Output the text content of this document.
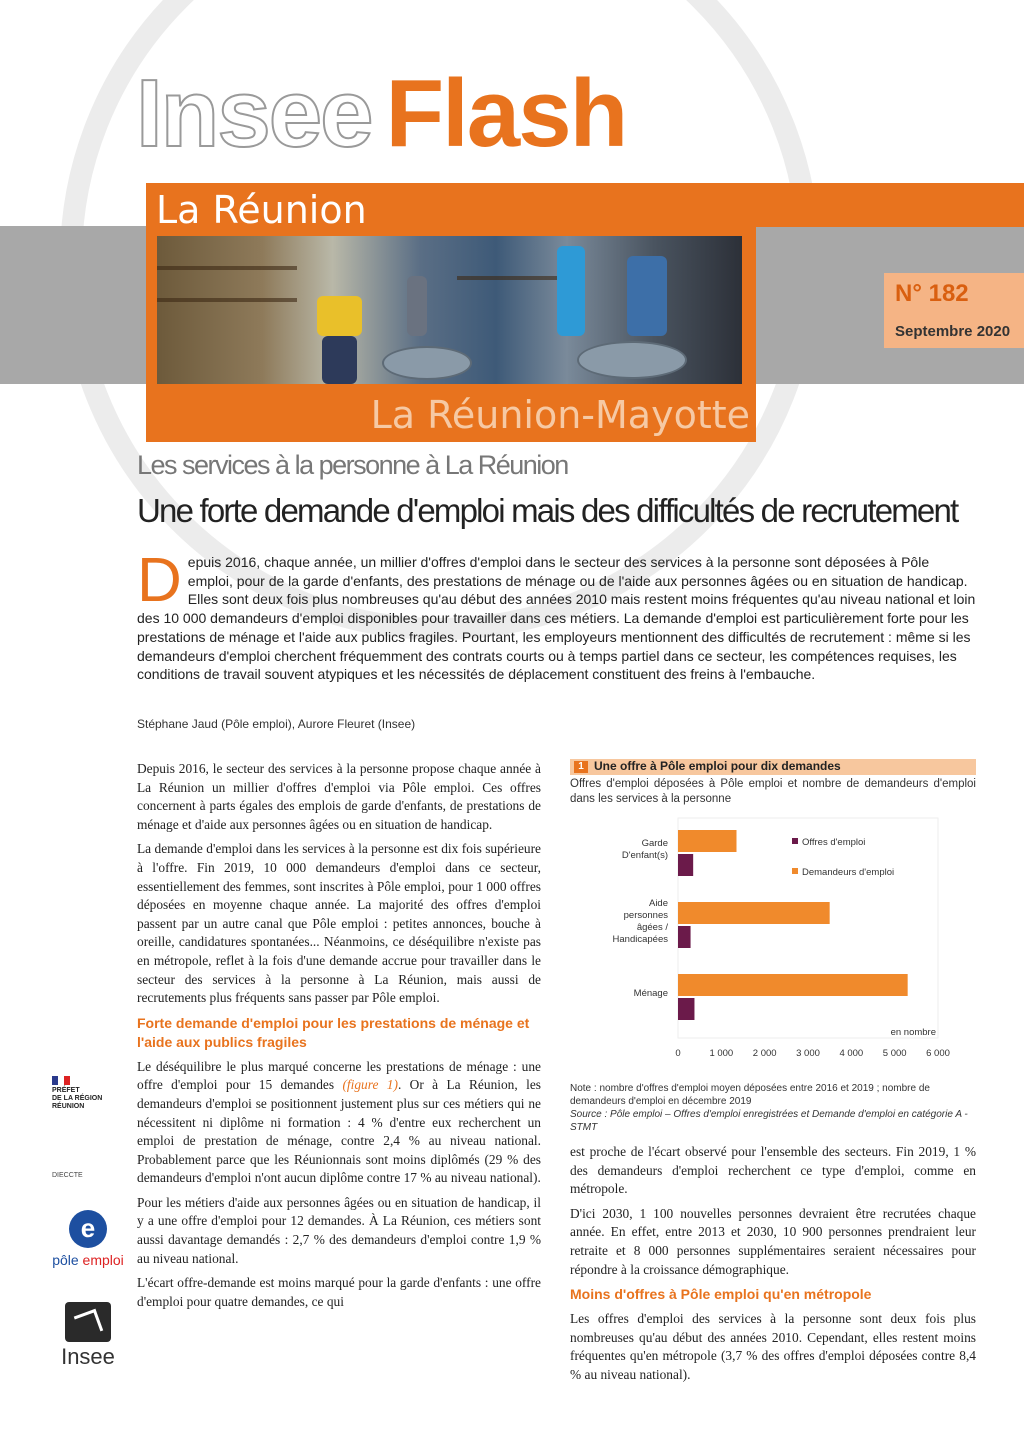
Insee Flash
La Réunion
La Réunion-Mayotte
N° 182
Septembre 2020
Les services à la personne à La Réunion
Une forte demande d'emploi mais des difficultés de recrutement
Depuis 2016, chaque année, un millier d'offres d'emploi dans le secteur des services à la personne sont déposées à Pôle emploi, pour de la garde d'enfants, des prestations de ménage ou de l'aide aux personnes âgées ou en situation de handicap. Elles sont deux fois plus nombreuses qu'au début des années 2010 mais restent moins fréquentes qu'au niveau national et loin des 10 000 demandeurs d'emploi disponibles pour travailler dans ces métiers. La demande d'emploi est particulièrement forte pour les prestations de ménage et l'aide aux publics fragiles. Pourtant, les employeurs mentionnent des difficultés de recrutement : même si les demandeurs d'emploi cherchent fréquemment des contrats courts ou à temps partiel dans ce secteur, les compétences requises, les conditions de travail souvent atypiques et les nécessités de déplacement constituent des freins à l'embauche.
Stéphane Jaud (Pôle emploi), Aurore Fleuret (Insee)

Depuis 2016, le secteur des services à la personne propose chaque année à La Réunion un millier d'offres d'emploi via Pôle emploi. Ces offres concernent à parts égales des emplois de garde d'enfants, de prestations de ménage et d'aide aux personnes âgées ou en situation de handicap.

La demande d'emploi dans les services à la personne est dix fois supérieure à l'offre. Fin 2019, 10 000 demandeurs d'emploi dans ce secteur, essentiellement des femmes, sont inscrites à Pôle emploi, pour 1 000 offres déposées en moyenne chaque année. La majorité des offres d'emploi passent par un autre canal que Pôle emploi : petites annonces, bouche à oreille, candidatures spontanées... Néanmoins, ce déséquilibre n'existe pas en métropole, reflet à la fois d'une demande accrue pour travailler dans le secteur des services à la personne à La Réunion, mais aussi de recrutements plus fréquents sans passer par Pôle emploi.

Forte demande d'emploi pour les prestations de ménage et l'aide aux publics fragiles

Le déséquilibre le plus marqué concerne les prestations de ménage : une offre d'emploi pour 15 demandes (figure 1). Or à La Réunion, les demandeurs d'emploi se positionnent justement plus sur ces métiers qui ne nécessitent ni diplôme ni formation : 4 % d'entre eux recherchent un emploi de prestation de ménage, contre 2,4 % au niveau national. Probablement parce que les Réunionnais sont moins diplômés (29 % des demandeurs d'emploi n'ont aucun diplôme contre 17 % au niveau national).

Pour les métiers d'aide aux personnes âgées ou en situation de handicap, il y a une offre d'emploi pour 12 demandes. À La Réunion, ces métiers sont aussi davantage demandés : 2,7 % des demandeurs d'emploi contre 1,9 % au niveau national.

L'écart offre-demande est moins marqué pour la garde d'enfants : une offre d'emploi pour quatre demandes, ce qui

1 Une offre à Pôle emploi pour dix demandes
Offres d'emploi déposées à Pôle emploi et nombre de demandeurs d'emploi dans les services à la personne
Garde
D'enfant(s)
Aide
personnes
âgées /
Handicapées
Ménage
0	1 000 2 000 3 000 4 000 5 000 6 000
en nombre
Offres d'emploi
Demandeurs d'emploi
Note : nombre d'offres d'emploi moyen déposées entre 2016 et 2019 ; nombre de demandeurs d'emploi en décembre 2019
Source : Pôle emploi – Offres d'emploi enregistrées et Demande d'emploi en catégorie A - STMT

est proche de l'écart observé pour l'ensemble des secteurs. Fin 2019, 1 % des demandeurs d'emploi recherchent ce type d'emploi, comme en métropole.

D'ici 2030, 1 100 nouvelles personnes devraient être recrutées chaque année. En effet, entre 2013 et 2030, 10 900 personnes prendraient leur retraite et 8 000 personnes supplémentaires seraient nécessaires pour répondre à la croissance démographique.

Moins d'offres à Pôle emploi qu'en métropole

Les offres d'emploi des services à la personne sont deux fois plus nombreuses qu'au début des années 2010. Cependant, elles restent moins fréquentes qu'en métropole (3,7 % des offres d'emploi déposées contre 8,4 % au niveau national).

PRÉFET
DE LA RÉGION
RÉUNION
DIECCTE
e
pôle emploi
Insee
